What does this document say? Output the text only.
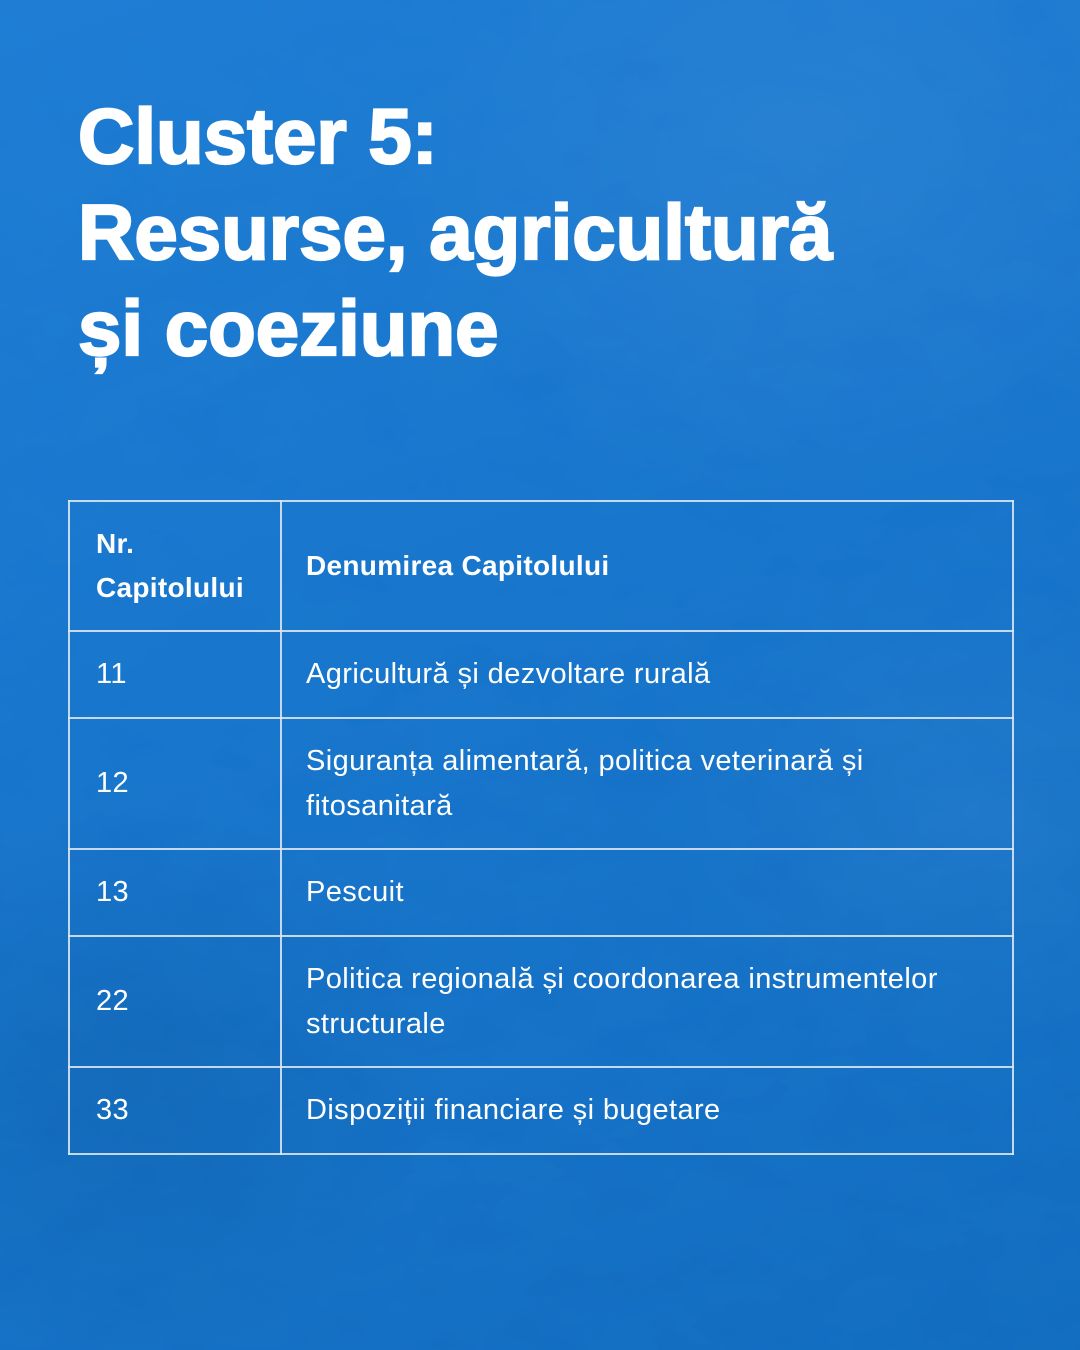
Cluster 5:
Resurse, agricultură
și coeziune
Nr. Capitolului	Denumirea Capitolului
11	Agricultură și dezvoltare rurală
12	Siguranța alimentară, politica veterinară și fitosanitară
13	Pescuit
22	Politica regională și coordonarea instrumentelor structurale
33	Dispoziții financiare și bugetare
